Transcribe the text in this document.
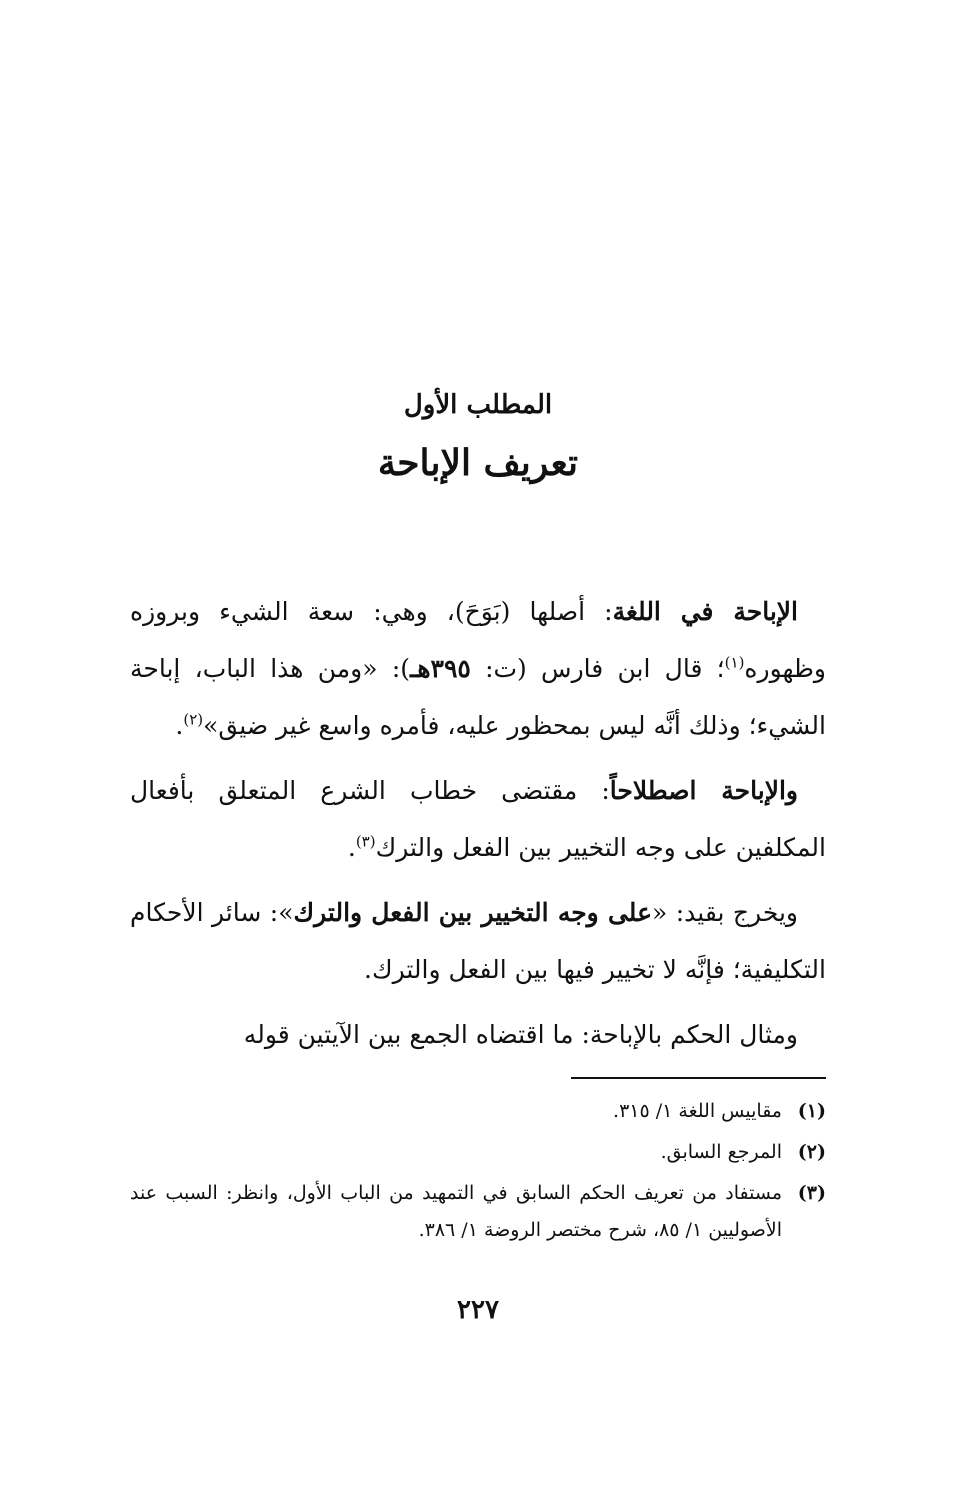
المطلب الأول
تعريف الإباحة

الإباحة في اللغة: أصلها (بَوَحَ)، وهي: سعة الشيء وبروزه وظهوره$^{(١)}$؛ قال ابن فارس (ت: ٣٩٥هـ): «ومن هذا الباب، إباحة الشيء؛ وذلك أنَّه ليس بمحظور عليه، فأمره واسع غير ضيق»$^{(٢)}$.

والإباحة اصطلاحاً: مقتضى خطاب الشرع المتعلق بأفعال المكلفين على وجه التخيير بين الفعل والترك$^{(٣)}$.

ويخرج بقيد: «على وجه التخيير بين الفعل والترك»: سائر الأحكام التكليفية؛ فإنَّه لا تخيير فيها بين الفعل والترك.

ومثال الحكم بالإباحة: ما اقتضاه الجمع بين الآيتين قوله

(١)
مقاييس اللغة ١/ ٣١٥.
(٢)
المرجع السابق.
(٣)
مستفاد من تعريف الحكم السابق في التمهيد من الباب الأول، وانظر: السبب عند الأصوليين ١/ ٨٥، شرح مختصر الروضة ١/ ٣٨٦.
٢٢٧
